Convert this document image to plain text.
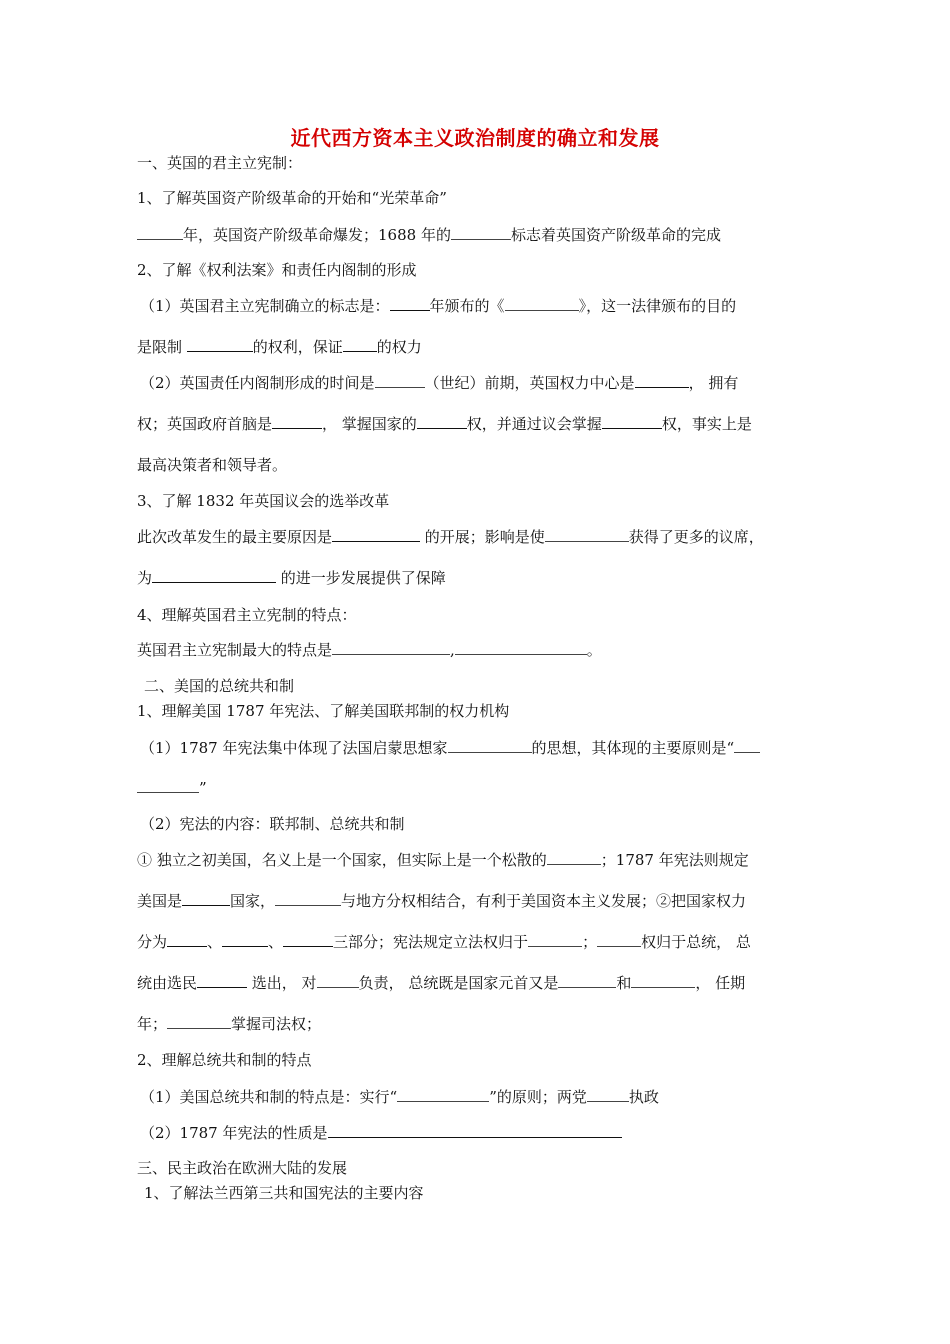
近代西方资本主义政治制度的确立和发展
一、英国的君主立宪制：
1、了解英国资产阶级革命的开始和“光荣革命”
年，英国资产阶级革命爆发；1688 年的	标志着英国资产阶级革命的完成
2、了解《权利法案》和责任内阁制的形成
（1）英国君主立宪制确立的标志是：	年颁布的《	》，这一法律颁布的目的
是限制	的权利，保证 的权力
（2）英国责任内阁制形成的时间是	（世纪）前期，英国权力中心是	， 拥有
权；英国政府首脑是	， 掌握国家的	权，并通过议会掌握	权，事实上是
最高决策者和领导者。
3、了解 1832 年英国议会的选举改革
此次改革发生的最主要原因是	的开展；影响是使	获得了更多的议席，
为	的进一步发展提供了保障
4、理解英国君主立宪制的特点：
英国君主立宪制最大的特点是	,	。
二、美国的总统共和制
1、理解美国 1787 年宪法、了解美国联邦制的权力机构
（1）1787 年宪法集中体现了法国启蒙思想家	的思想，其体现的主要原则是“
”
（2）宪法的内容：联邦制、总统共和制
① 独立之初美国，名义上是一个国家，但实际上是一个松散的	；1787 年宪法则规定
美国是	国家，	与地方分权相结合，有利于美国资本主义发展；②把国家权力
分为	、	、	三部分；宪法规定立法权归于	；	权归于总统， 总
统由选民	选出， 对	负责， 总统既是国家元首又是	和	， 任期
年；	掌握司法权；
2、理解总统共和制的特点
（1）美国总统共和制的特点是：实行“	”的原则；两党	执政
（2）1787 年宪法的性质是
三、民主政治在欧洲大陆的发展
1、了解法兰西第三共和国宪法的主要内容
